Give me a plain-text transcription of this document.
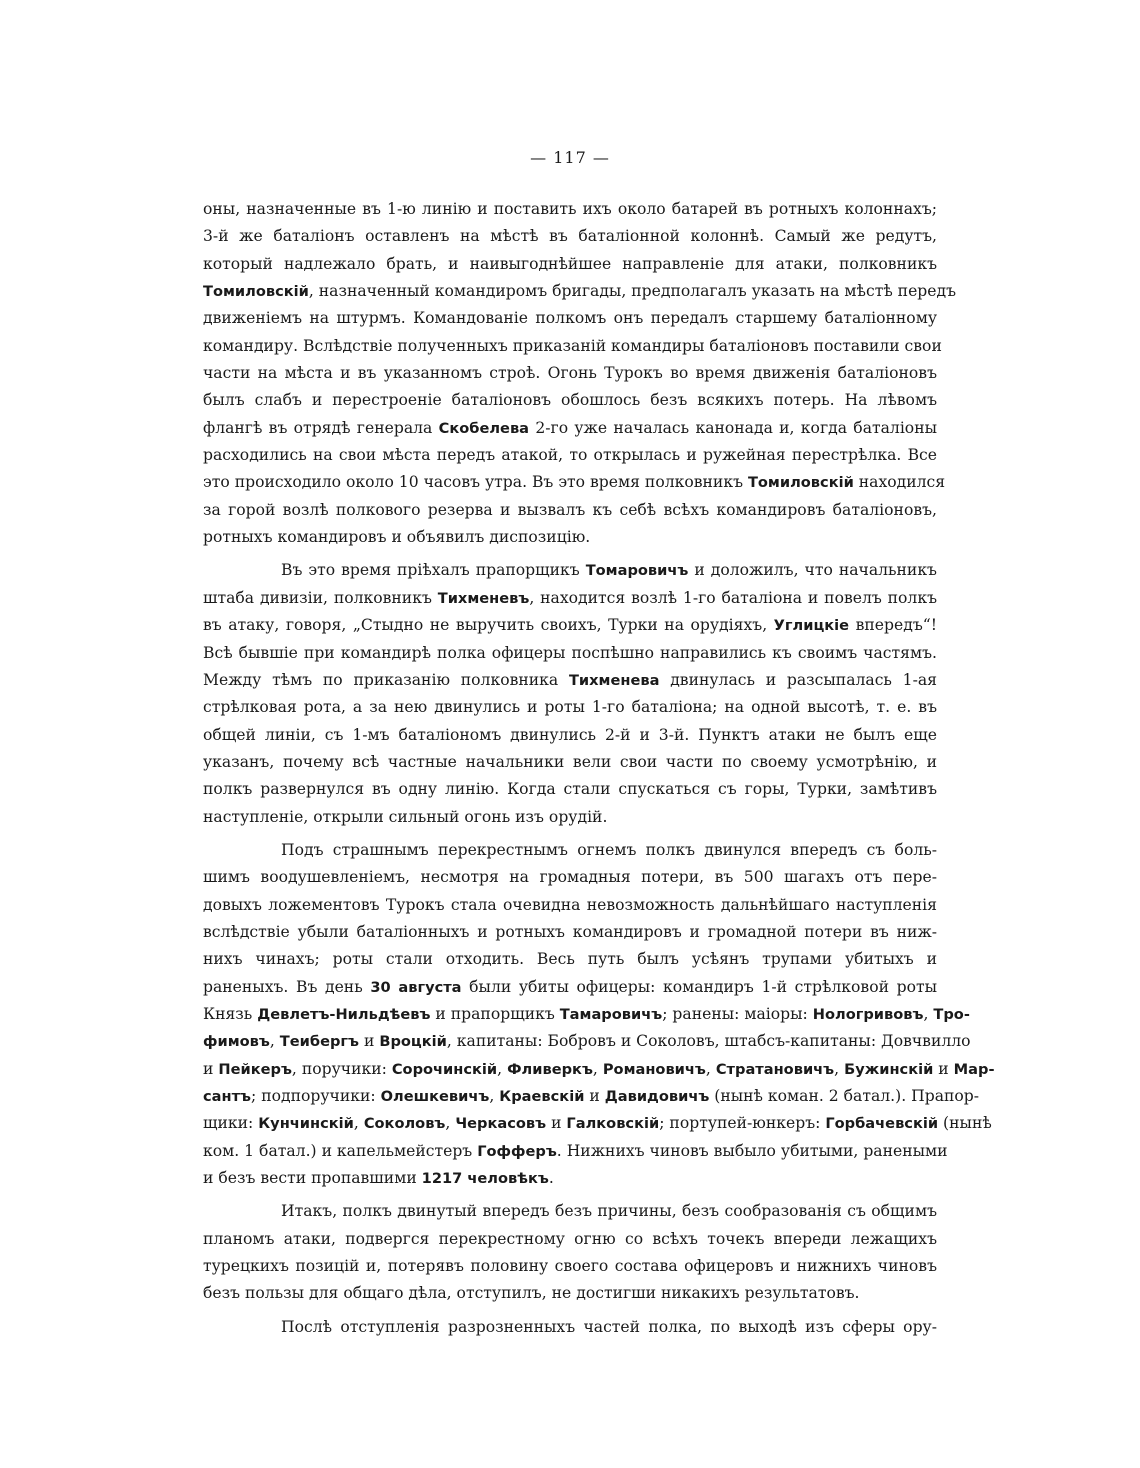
— 117 —
оны, назначенные въ 1-ю линію и поставить ихъ около батарей въ ротныхъ колоннахъ;
3-й же баталіонъ оставленъ на мѣстѣ въ баталіонной колоннѣ. Самый же редутъ,
который надлежало брать, и наивыгоднѣйшее направленіе для атаки, полковникъ
Томиловскій, назначенный командиромъ бригады, предполагалъ указать на мѣстѣ передъ
движеніемъ на штурмъ. Командованіе полкомъ онъ передалъ старшему баталіонному
командиру. Вслѣдствіе полученныхъ приказаній командиры баталіоновъ поставили свои
части на мѣста и въ указанномъ строѣ. Огонь Турокъ во время движенія баталіоновъ
былъ слабъ и перестроеніе баталіоновъ обошлось безъ всякихъ потерь. На лѣвомъ
флангѣ въ отрядѣ генерала Скобелева 2-го уже началась канонада и, когда баталіоны
расходились на свои мѣста передъ атакой, то открылась и ружейная перестрѣлка. Все
это происходило около 10 часовъ утра. Въ это время полковникъ Томиловскій находился
за горой возлѣ полкового резерва и вызвалъ къ себѣ всѣхъ командировъ баталіоновъ,
ротныхъ командировъ и объявилъ диспозицію.
Въ это время пріѣхалъ прапорщикъ Томаровичъ и доложилъ, что начальникъ
штаба дивизіи, полковникъ Тихменевъ, находится возлѣ 1-го баталіона и повелъ полкъ
въ атаку, говоря, „Стыдно не выручить своихъ, Турки на орудіяхъ, Углицкіе впередъ“!
Всѣ бывшіе при командирѣ полка офицеры поспѣшно направились къ своимъ частямъ.
Между тѣмъ по приказанію полковника Тихменева двинулась и разсыпалась 1-ая
стрѣлковая рота, а за нею двинулись и роты 1-го баталіона; на одной высотѣ, т. е. въ
общей линіи, съ 1-мъ баталіономъ двинулись 2-й и 3-й. Пунктъ атаки не былъ еще
указанъ, почему всѣ частные начальники вели свои части по своему усмотрѣнію, и
полкъ развернулся въ одну линію. Когда стали спускаться съ горы, Турки, замѣтивъ
наступленіе, открыли сильный огонь изъ орудій.
Подъ страшнымъ перекрестнымъ огнемъ полкъ двинулся впередъ съ боль-
шимъ воодушевленіемъ, несмотря на громадныя потери, въ 500 шагахъ отъ пере-
довыхъ ложементовъ Турокъ стала очевидна невозможность дальнѣйшаго наступленія
вслѣдствіе убыли баталіонныхъ и ротныхъ командировъ и громадной потери въ ниж-
нихъ чинахъ; роты стали отходить. Весь путь былъ усѣянъ трупами убитыхъ и
раненыхъ. Въ день 30 августа были убиты офицеры: командиръ 1-й стрѣлковой роты
Князь Девлетъ-Нильдѣевъ и прапорщикъ Тамаровичъ; ранены: маіоры: Нологривовъ, Тро-
фимовъ, Теибергъ и Вроцкій, капитаны: Бобровъ и Соколовъ, штабсъ-капитаны: Довчвилло
и Пейкеръ, поручики: Сорочинскій, Фливеркъ, Романовичъ, Стратановичъ, Бужинскій и Мар-
сантъ; подпоручики: Олешкевичъ, Краевскій и Давидовичъ (нынѣ коман. 2 батал.). Прапор-
щики: Кунчинскій, Соколовъ, Черкасовъ и Галковскій; портупей-юнкеръ: Горбачевскій (нынѣ
ком. 1 батал.) и капельмейстеръ Гофферъ. Нижнихъ чиновъ выбыло убитыми, ранеными
и безъ вести пропавшими 1217 человѣкъ.
Итакъ, полкъ двинутый впередъ безъ причины, безъ сообразованія съ общимъ
планомъ атаки, подвергся перекрестному огню со всѣхъ точекъ впереди лежащихъ
турецкихъ позицій и, потерявъ половину своего состава офицеровъ и нижнихъ чиновъ
безъ пользы для общаго дѣла, отступилъ, не достигши никакихъ результатовъ.
Послѣ отступленія разрозненныхъ частей полка, по выходѣ изъ сферы ору-
